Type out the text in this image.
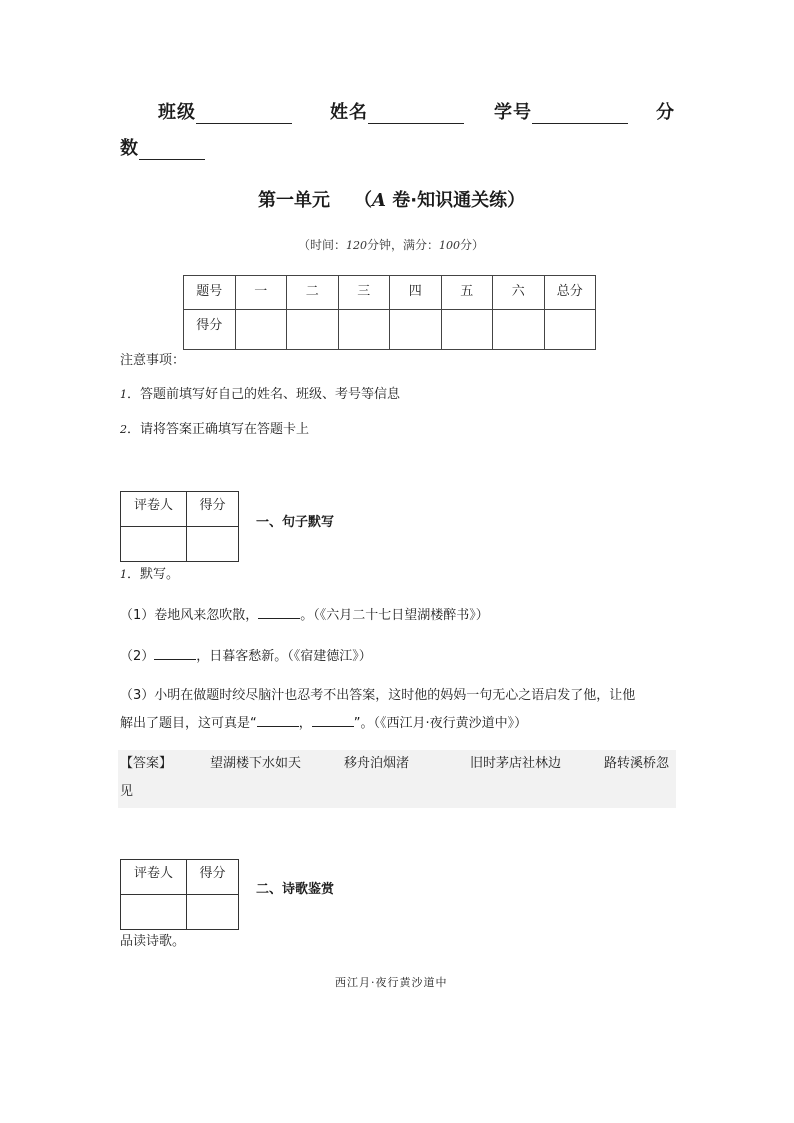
班级	姓名	学号	分
数
第一单元 （A 卷·知识通关练）
（时间：120分钟，满分：100分）
题号	一	二	三	四	五	六	总分
得分							
注意事项：
1．答题前填写好自己的姓名、班级、考号等信息
2．请将答案正确填写在答题卡上
评卷人	得分

一、句子默写
1．默写。
（1）卷地风来忽吹散，	。（《六月二十七日望湖楼醉书》）
（2）	，日暮客愁新。（《宿建德江》）
（3）小明在做题时绞尽脑汁也忍考不出答案，这时他的妈妈一句无心之语启发了他，让他
解出了题目，这可真是“	，	”。（《西江月·夜行黄沙道中》）
【答案】	望湖楼下水如天	移舟泊烟渚	旧时茅店社林边	路转溪桥忽
见
评卷人	得分

二、诗歌鉴赏
品读诗歌。
西江月·夜行黄沙道中
